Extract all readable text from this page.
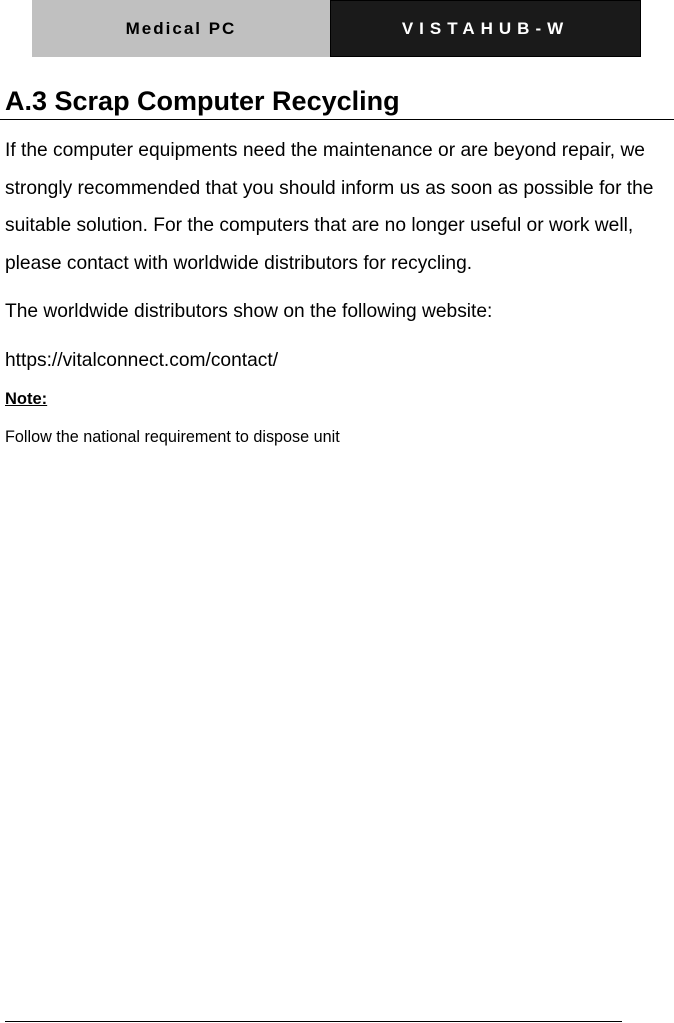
Medical PC	VISTAHUB-W
A.3 Scrap Computer Recycling

If the computer equipments need the maintenance or are beyond repair, we strongly recommended that you should inform us as soon as possible for the suitable solution. For the computers that are no longer useful or work well, please contact with worldwide distributors for recycling.

The worldwide distributors show on the following website:

https://vitalconnect.com/contact/

Note:
Follow the national requirement to dispose unit
